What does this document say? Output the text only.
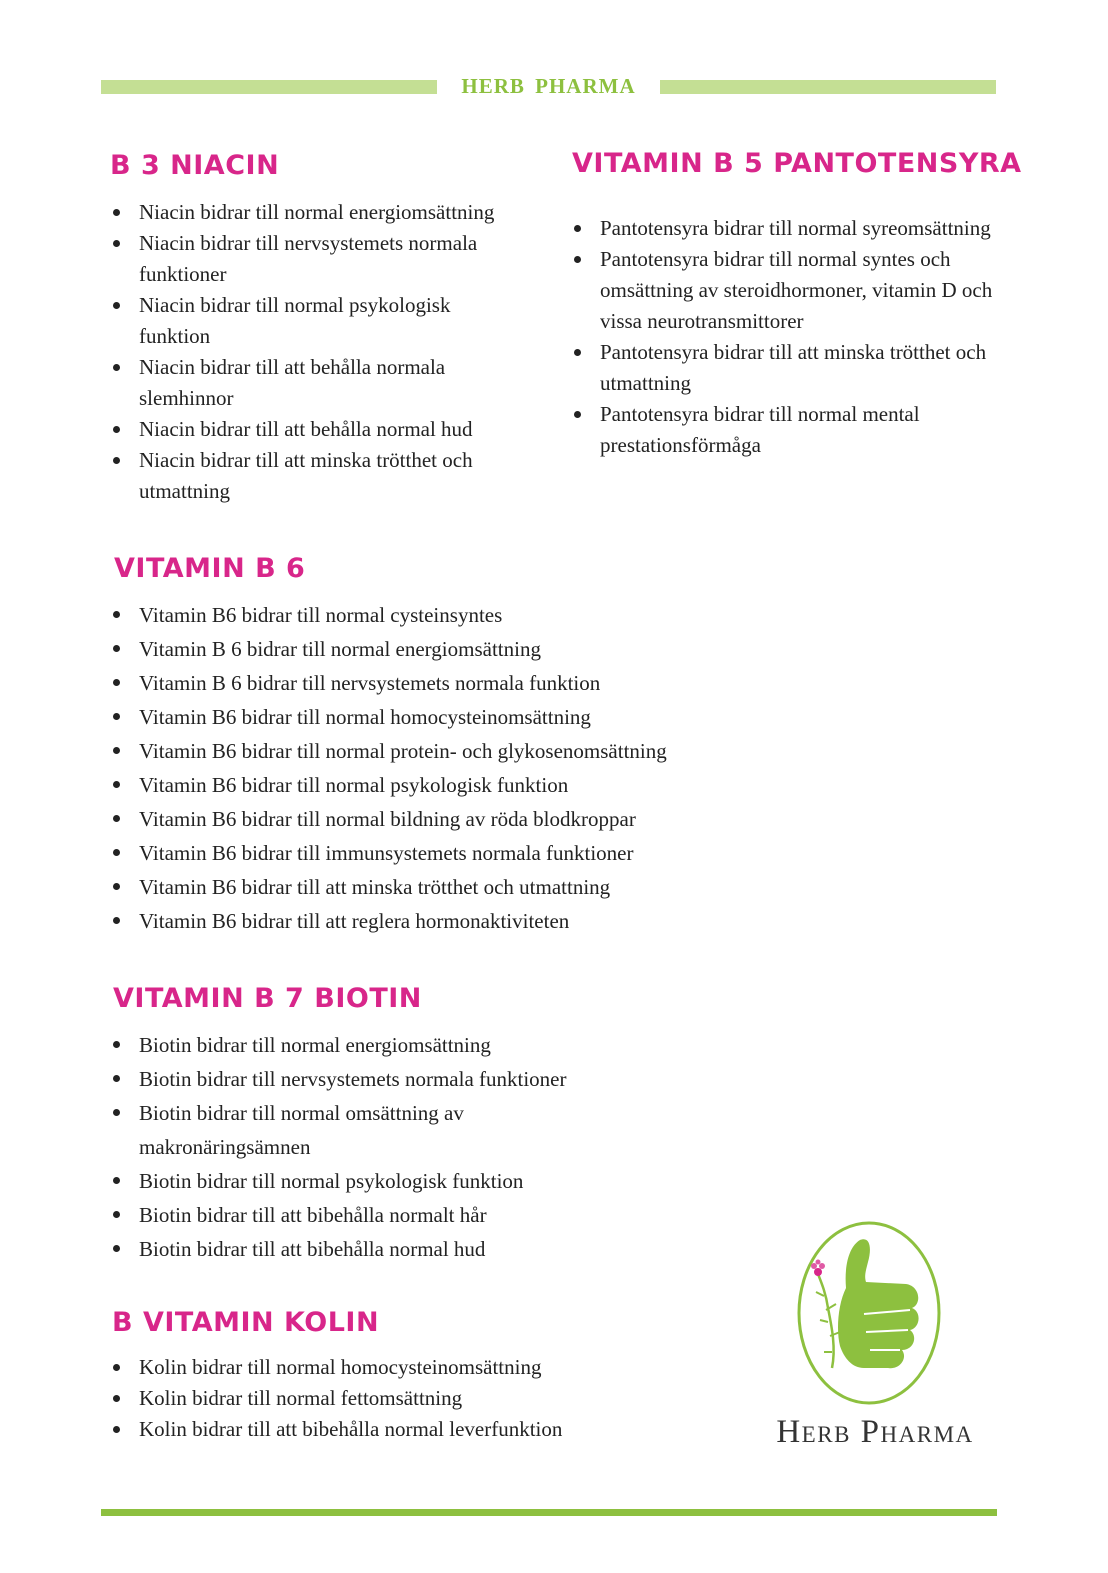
HERB PHARMA
B 3 NIACIN
Niacin bidrar till normal energiomsättning
Niacin bidrar till nervsystemets normala funktioner
Niacin bidrar till normal psykologisk funktion
Niacin bidrar till att behålla normala slemhinnor
Niacin bidrar till att behålla normal hud
Niacin bidrar till att minska trötthet och utmattning
VITAMIN B 5 PANTOTENSYRA
Pantotensyra bidrar till normal syreomsättning
Pantotensyra bidrar till normal syntes och omsättning av steroidhormoner, vitamin D och vissa neurotransmittorer
Pantotensyra bidrar till att minska trötthet och utmattning
Pantotensyra bidrar till normal mental prestationsförmåga
VITAMIN B 6
Vitamin B6 bidrar till normal cysteinsyntes
Vitamin B 6 bidrar till normal energiomsättning
Vitamin B 6 bidrar till nervsystemets normala funktion
Vitamin B6 bidrar till normal homocysteinomsättning
Vitamin B6 bidrar till normal protein- och glykosenomsättning
Vitamin B6 bidrar till normal psykologisk funktion
Vitamin B6 bidrar till normal bildning av röda blodkroppar
Vitamin B6 bidrar till immunsystemets normala funktioner
Vitamin B6 bidrar till att minska trötthet och utmattning
Vitamin B6 bidrar till att reglera hormonaktiviteten
VITAMIN B 7 BIOTIN
Biotin bidrar till normal energiomsättning
Biotin bidrar till nervsystemets normala funktioner
Biotin bidrar till normal omsättning av makronäringsämnen
Biotin bidrar till normal psykologisk funktion
Biotin bidrar till att bibehålla normalt hår
Biotin bidrar till att bibehålla normal hud
B VITAMIN KOLIN
Kolin bidrar till normal homocysteinomsättning
Kolin bidrar till normal fettomsättning
Kolin bidrar till att bibehålla normal leverfunktion	Herb Pharma
